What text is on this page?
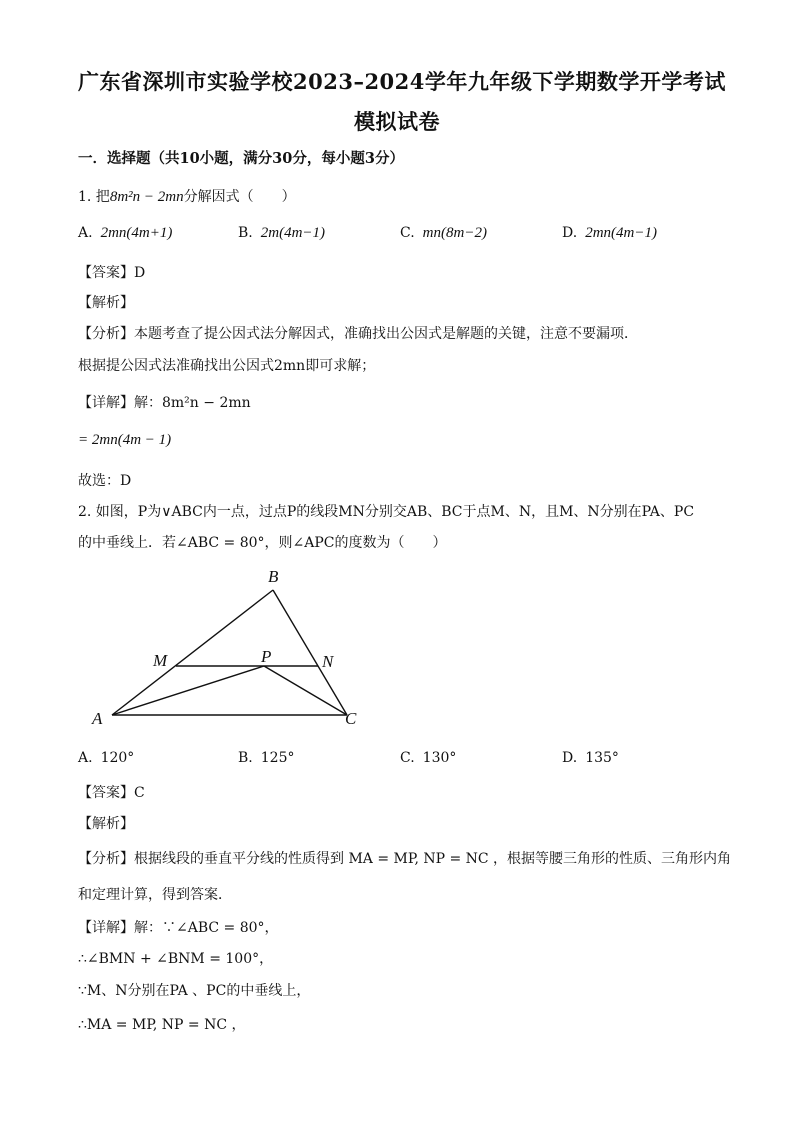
广东省深圳市实验学校2023–2024学年九年级下学期数学开学考试
模拟试卷
一．选择题（共10小题，满分30分，每小题3分）
1. 把8m²n − 2mn分解因式（　　）
A. 2mn(4m+1)	B. 2m(4m−1)	C. mn(8m−2)	D. 2mn(4m−1)
【答案】D
【解析】
【分析】本题考查了提公因式法分解因式，准确找出公因式是解题的关键，注意不要漏项．
根据提公因式法准确找出公因式2mn即可求解；
【详解】解：8m²n − 2mn
= 2mn(4m − 1)
故选：D
2. 如图，P为∨ABC内一点，过点P的线段MN分别交AB、BC于点M、N，且M、N分别在PA、PC
的中垂线上．若∠ABC = 80°，则∠APC的度数为（　　）
B
M	P	N
A	C
A. 120°	B. 125°	C. 130°	D. 135°
【答案】C
【解析】
【分析】根据线段的垂直平分线的性质得到 MA = MP, NP = NC ，根据等腰三角形的性质、三角形内角
和定理计算，得到答案．
【详解】解：∵∠ABC = 80°，
∴∠BMN + ∠BNM = 100°，
∵M、N分别在PA 、PC的中垂线上，
∴MA = MP, NP = NC ，
